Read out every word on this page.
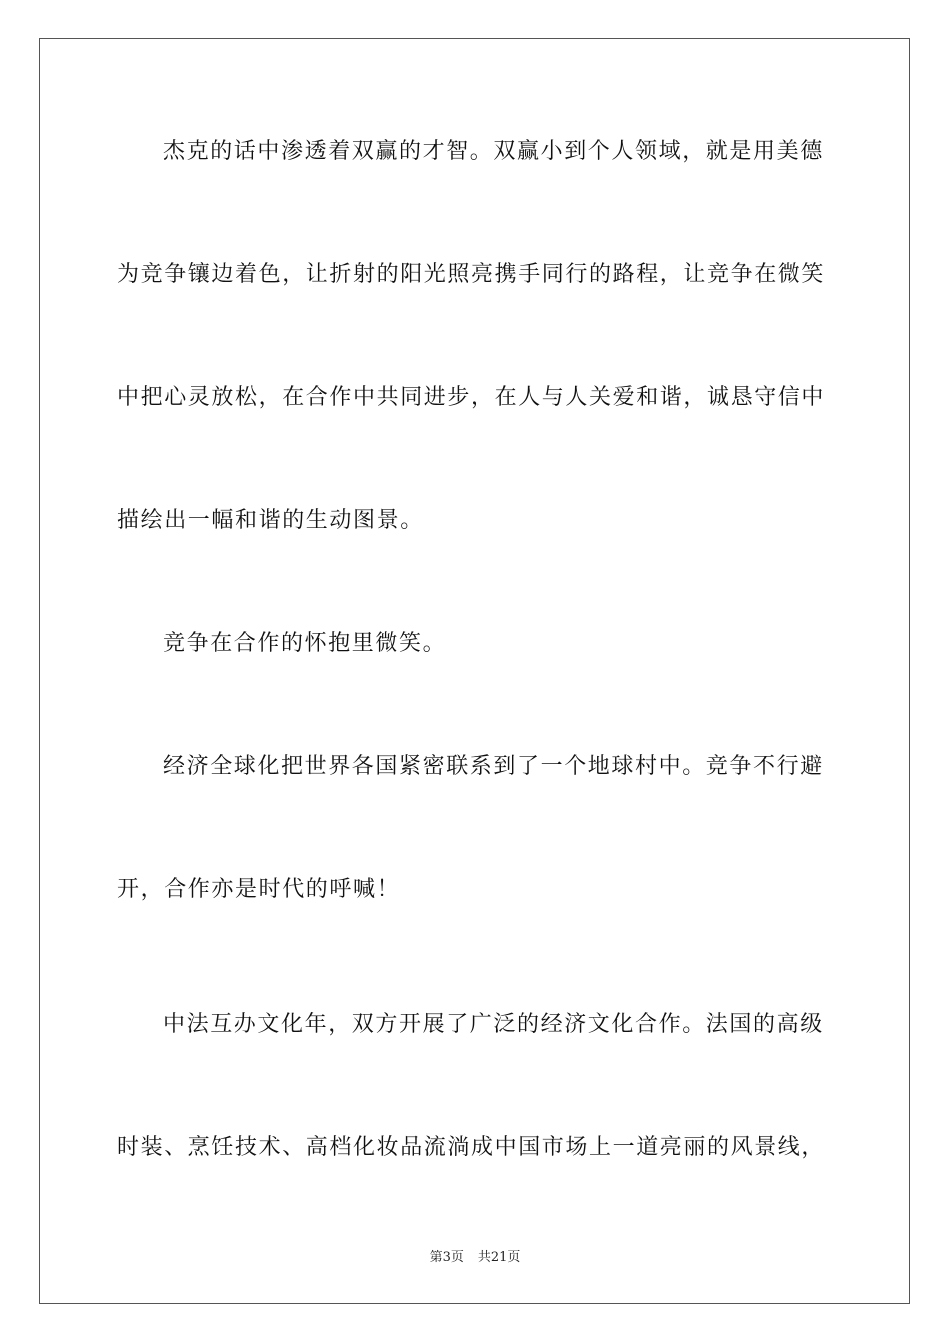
杰克的话中渗透着双赢的才智。双赢小到个人领域，就是用美德
为竞争镶边着色，让折射的阳光照亮携手同行的路程，让竞争在微笑
中把心灵放松，在合作中共同进步，在人与人关爱和谐，诚恳守信中
描绘出一幅和谐的生动图景。
竞争在合作的怀抱里微笑。
经济全球化把世界各国紧密联系到了一个地球村中。竞争不行避
开，合作亦是时代的呼喊！
中法互办文化年，双方开展了广泛的经济文化合作。法国的高级
时装、烹饪技术、高档化妆品流淌成中国市场上一道亮丽的风景线，
第3页 共21页
